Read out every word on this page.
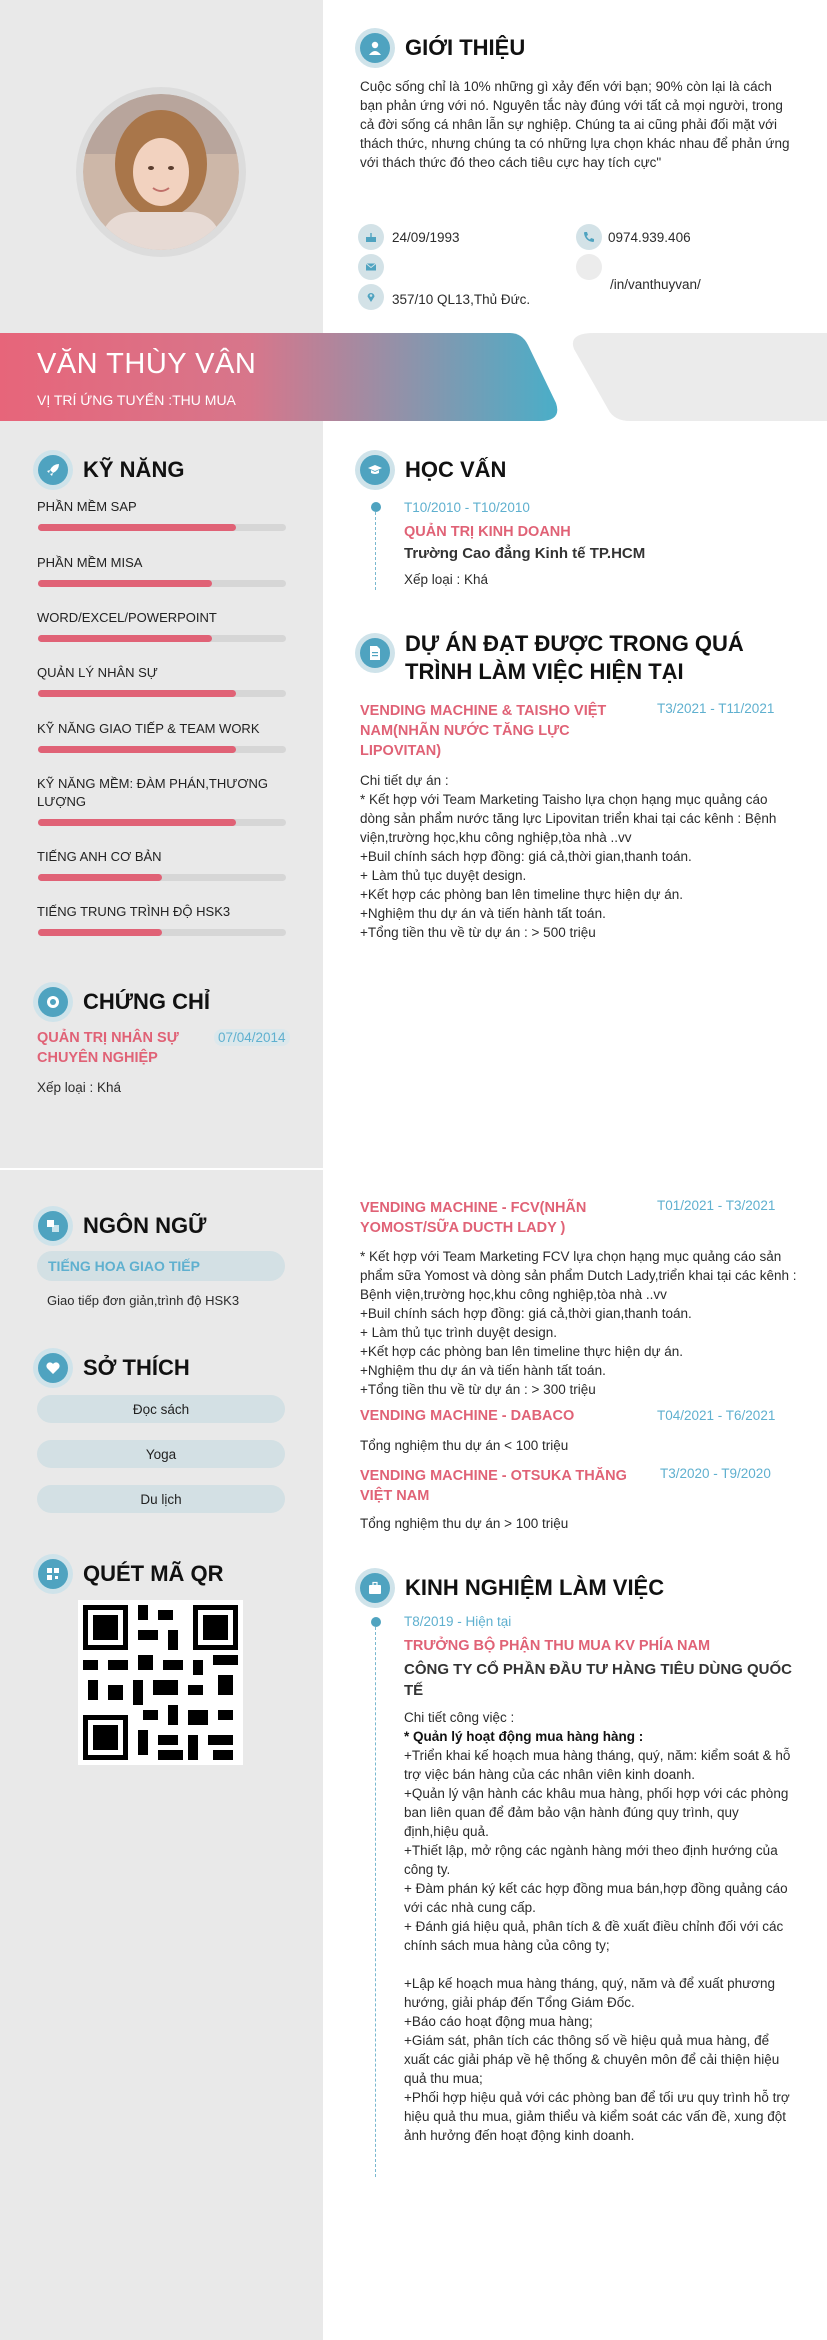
VĂN THÙY VÂN
VỊ TRÍ ỨNG TUYỂN :THU MUA
GIỚI THIỆU
Cuộc sống chỉ là 10% những gì xảy đến với bạn; 90% còn lại là cách bạn phản ứng với nó. Nguyên tắc này đúng với tất cả mọi người, trong cả đời sống cá nhân lẫn sự nghiệp. Chúng ta ai cũng phải đối mặt với thách thức, nhưng chúng ta có những lựa chọn khác nhau để phản ứng với thách thức đó theo cách tiêu cực hay tích cực"
24/09/1993	0974.939.406
/in/vanthuyvan/
357/10 QL13,Thủ Đức.
KỸ NĂNG
PHẦN MỀM SAP
PHẦN MỀM MISA
WORD/EXCEL/POWERPOINT
QUẢN LÝ NHÂN SỰ
KỸ NĂNG GIAO TIẾP & TEAM WORK
KỸ NĂNG MỀM: ĐÀM PHÁN,THƯƠNG LƯỢNG
TIẾNG ANH CƠ BẢN
TIẾNG TRUNG TRÌNH ĐỘ HSK3
CHỨNG CHỈ
QUẢN TRỊ NHÂN SỰ CHUYÊN NGHIỆP
07/04/2014
Xếp loại : Khá
NGÔN NGỮ
TIẾNG HOA GIAO TIẾP
Giao tiếp đơn giản,trình độ HSK3
SỞ THÍCH
Đọc sách
Yoga
Du lịch
QUÉT MÃ QR
HỌC VẤN
T10/2010 - T10/2010
QUẢN TRỊ KINH DOANH
Trường Cao đẳng Kinh tế TP.HCM
Xếp loại : Khá
DỰ ÁN ĐẠT ĐƯỢC TRONG QUÁ TRÌNH LÀM VIỆC HIỆN TẠI
VENDING MACHINE & TAISHO VIỆT NAM(NHÃN NƯỚC TĂNG LỰC LIPOVITAN)
T3/2021 - T11/2021
Chi tiết dự án :
* Kết hợp với Team Marketing Taisho lựa chọn hạng mục quảng cáo dòng sản phẩm nước tăng lực Lipovitan triển khai tại các kênh : Bệnh viện,trường học,khu công nghiệp,tòa nhà ..vv
+Buil chính sách hợp đồng: giá cả,thời gian,thanh toán.
+ Làm thủ tục duyệt design.
+Kết hợp các phòng ban lên timeline thực hiện dự án.
+Nghiệm thu dự án và tiến hành tất toán.
+Tổng tiền thu về từ dự án : > 500 triệu
VENDING MACHINE - FCV(NHÃN YOMOST/SỮA DUCTH LADY )
T01/2021 - T3/2021
* Kết hợp với Team Marketing FCV lựa chọn hạng mục quảng cáo sản phẩm sữa Yomost và dòng sản phẩm Dutch Lady,triển khai tại các kênh : Bệnh viện,trường học,khu công nghiệp,tòa nhà ..vv
+Buil chính sách hợp đồng: giá cả,thời gian,thanh toán.
+ Làm thủ tục trình duyệt design.
+Kết hợp các phòng ban lên timeline thực hiện dự án.
+Nghiệm thu dự án và tiến hành tất toán.
+Tổng tiền thu về từ dự án : > 300 triệu
VENDING MACHINE - DABACO	T04/2021 - T6/2021
Tổng nghiệm thu dự án < 100 triệu
VENDING MACHINE - OTSUKA THĂNG VIỆT NAM
T3/2020 - T9/2020
Tổng nghiệm thu dự án > 100 triệu
KINH NGHIỆM LÀM VIỆC
T8/2019 - Hiện tại
TRƯỞNG BỘ PHẬN THU MUA KV PHÍA NAM
CÔNG TY CỔ PHẦN ĐẦU TƯ HÀNG TIÊU DÙNG QUỐC TẾ
Chi tiết công việc :
* Quản lý hoạt động mua hàng hàng :
+Triển khai kế hoạch mua hàng tháng, quý, năm: kiểm soát & hỗ trợ việc bán hàng của các nhân viên kinh doanh.
+Quản lý vận hành các khâu mua hàng, phối hợp với các phòng ban liên quan để đảm bảo vận hành đúng quy trình, quy định,hiệu quả.
+Thiết lập, mở rộng các ngành hàng mới theo định hướng của công ty.
+ Đàm phán ký kết các hợp đồng mua bán,hợp đồng quảng cáo với các nhà cung cấp.
+ Đánh giá hiệu quả, phân tích & đề xuất điều chỉnh đối với các chính sách mua hàng của công ty;
+Lập kế hoạch mua hàng tháng, quý, năm và để xuất phương hướng, giải pháp đến Tổng Giám Đốc.
+Báo cáo hoạt động mua hàng;
+Giám sát, phân tích các thông số về hiệu quả mua hàng, để xuất các giải pháp về hệ thống & chuyên môn để cải thiện hiệu quả thu mua;
+Phối hợp hiệu quả với các phòng ban để tối ưu quy trình hỗ trợ hiệu quả thu mua, giảm thiểu và kiểm soát các vấn đề, xung đột ảnh hưởng đến hoạt động kinh doanh.
